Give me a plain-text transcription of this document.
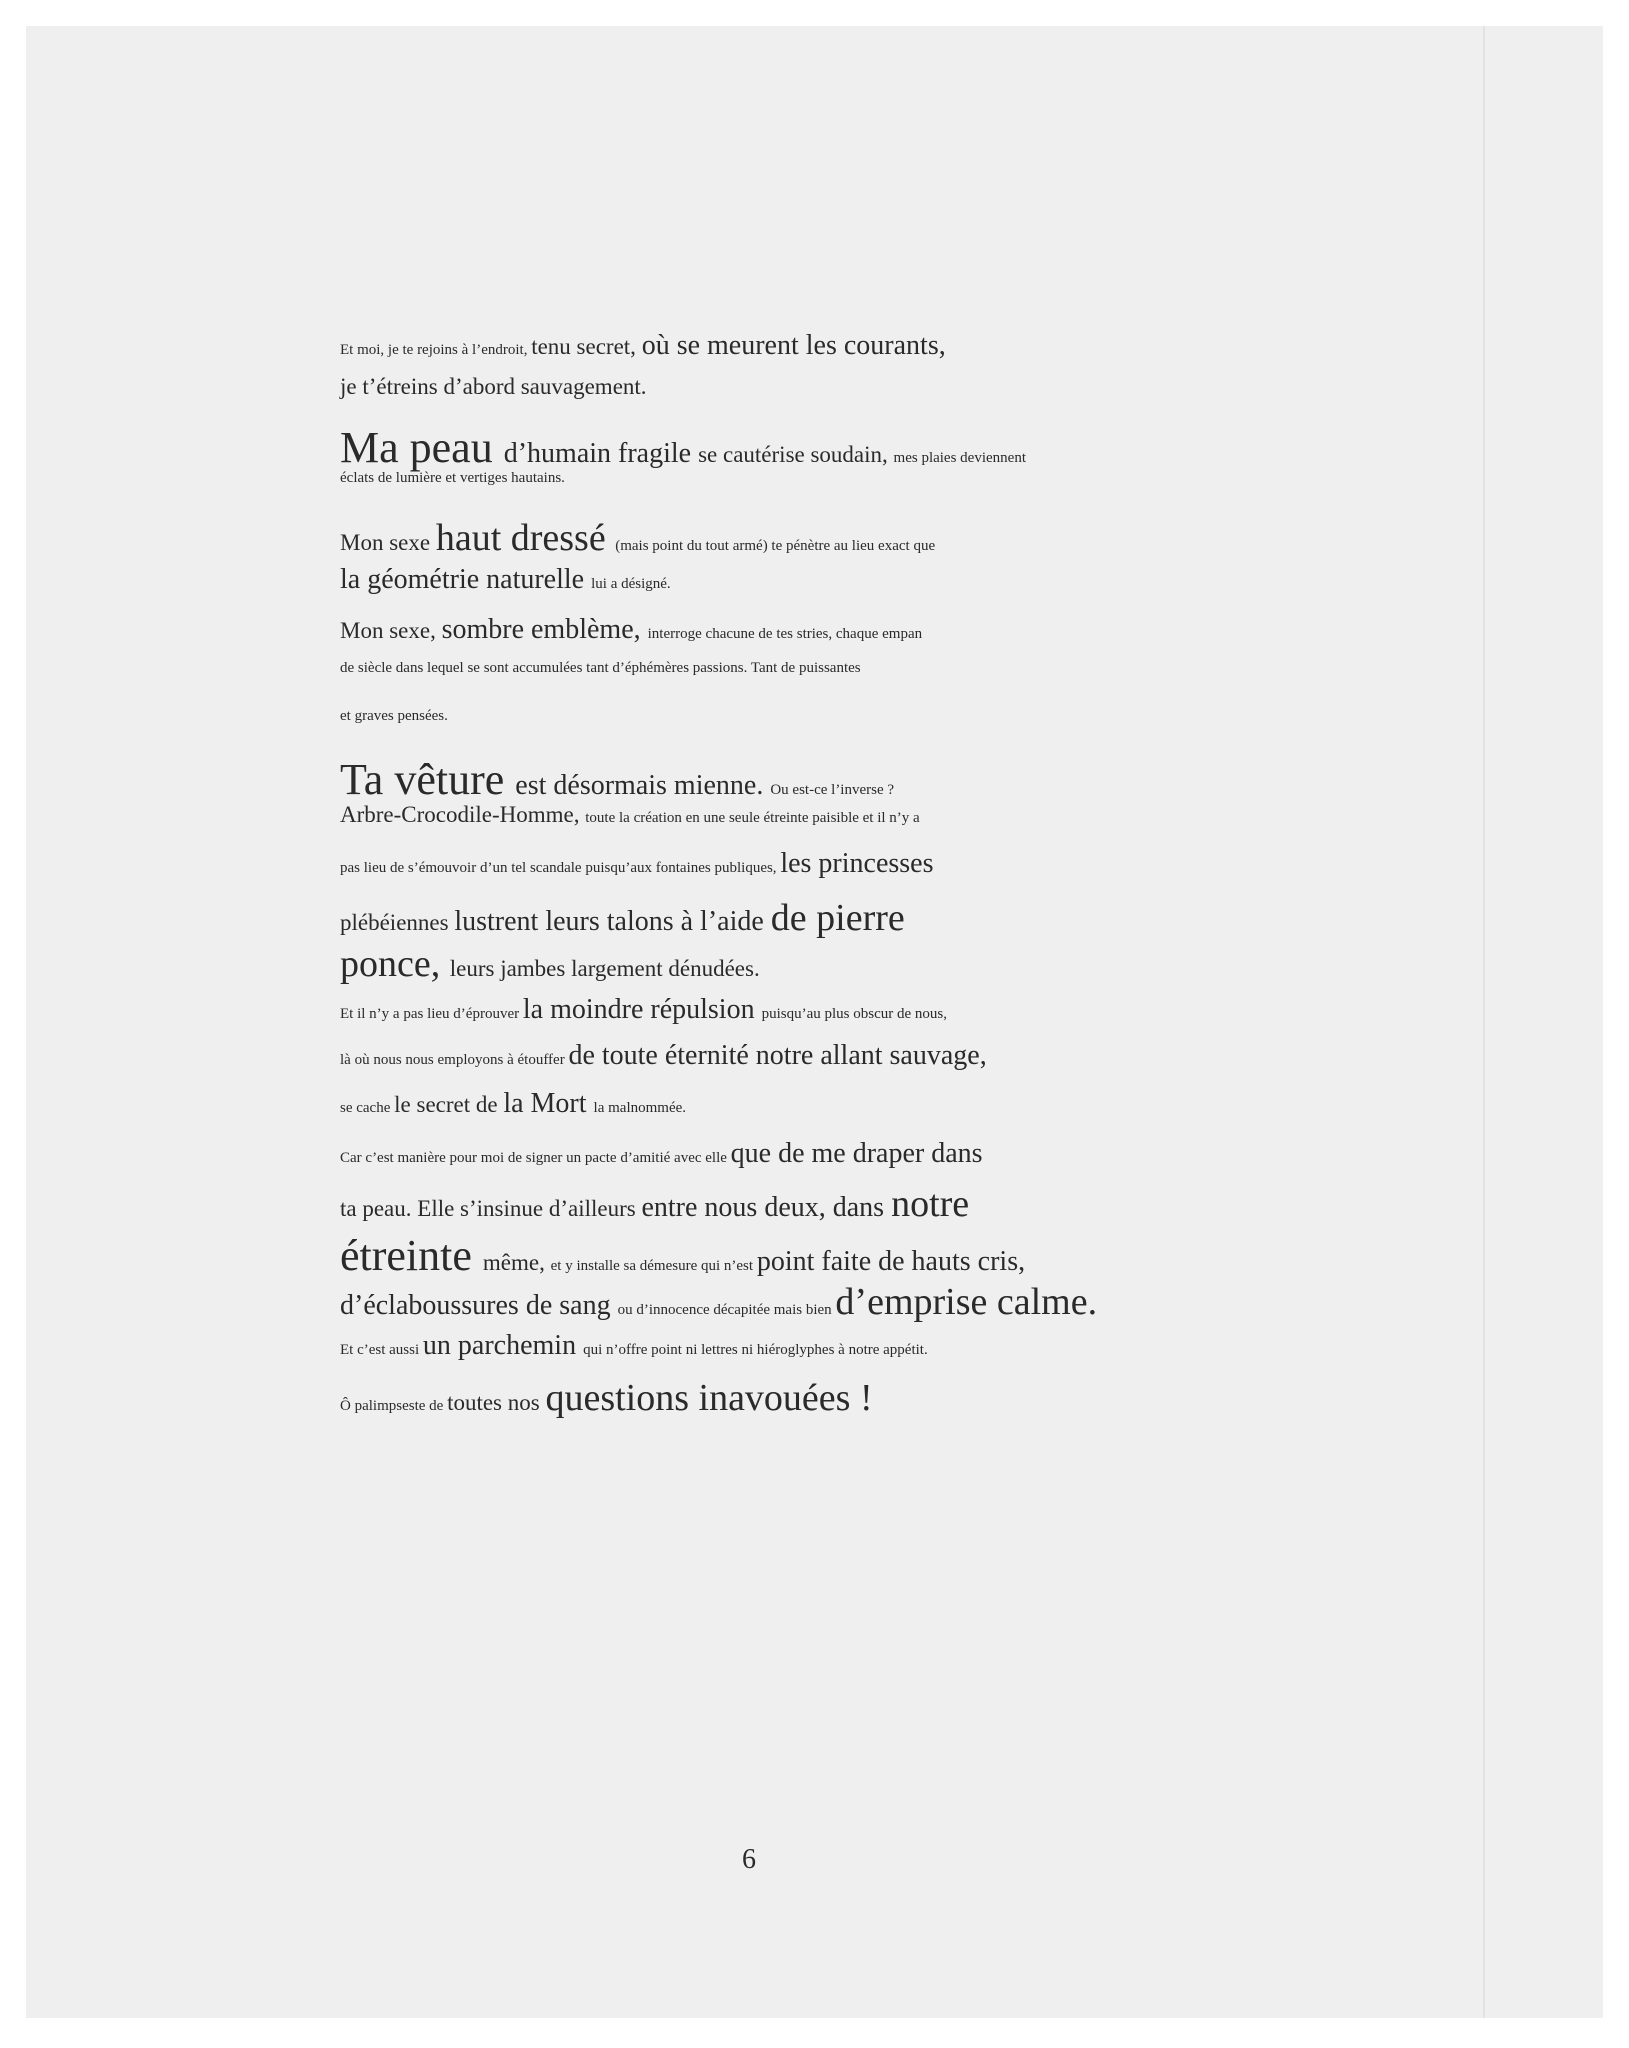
Et moi, je te rejoins à l’endroit, tenu secret, où se meurent les courants,
je t’étreins d’abord sauvagement.
Ma peau d’humain fragile se cautérise soudain, mes plaies deviennent
éclats de lumière et vertiges hautains.
Mon sexe haut dressé (mais point du tout armé) te pénètre au lieu exact que
la géométrie naturelle lui a désigné.
Mon sexe, sombre emblème, interroge chacune de tes stries, chaque empan
de siècle dans lequel se sont accumulées tant d’éphémères passions. Tant de puissantes
et graves pensées.
Ta vêture est désormais mienne. Ou est-ce l’inverse ?
Arbre-Crocodile-Homme, toute la création en une seule étreinte paisible et il n’y a
pas lieu de s’émouvoir d’un tel scandale puisqu’aux fontaines publiques, les princesses
plébéiennes lustrent leurs talons à l’aide de pierre
ponce, leurs jambes largement dénudées.
Et il n’y a pas lieu d’éprouver la moindre répulsion puisqu’au plus obscur de nous,
là où nous nous employons à étouffer de toute éternité notre allant sauvage,
se cache le secret de la Mort la malnommée.
Car c’est manière pour moi de signer un pacte d’amitié avec elle que de me draper dans
ta peau. Elle s’insinue d’ailleurs entre nous deux, dans notre
étreinte même, et y installe sa démesure qui n’est point faite de hauts cris,
d’éclaboussures de sang ou d’innocence décapitée mais bien d’emprise calme.
Et c’est aussi un parchemin qui n’offre point ni lettres ni hiéroglyphes à notre appétit.
Ô palimpseste de toutes nos questions inavouées !
6
